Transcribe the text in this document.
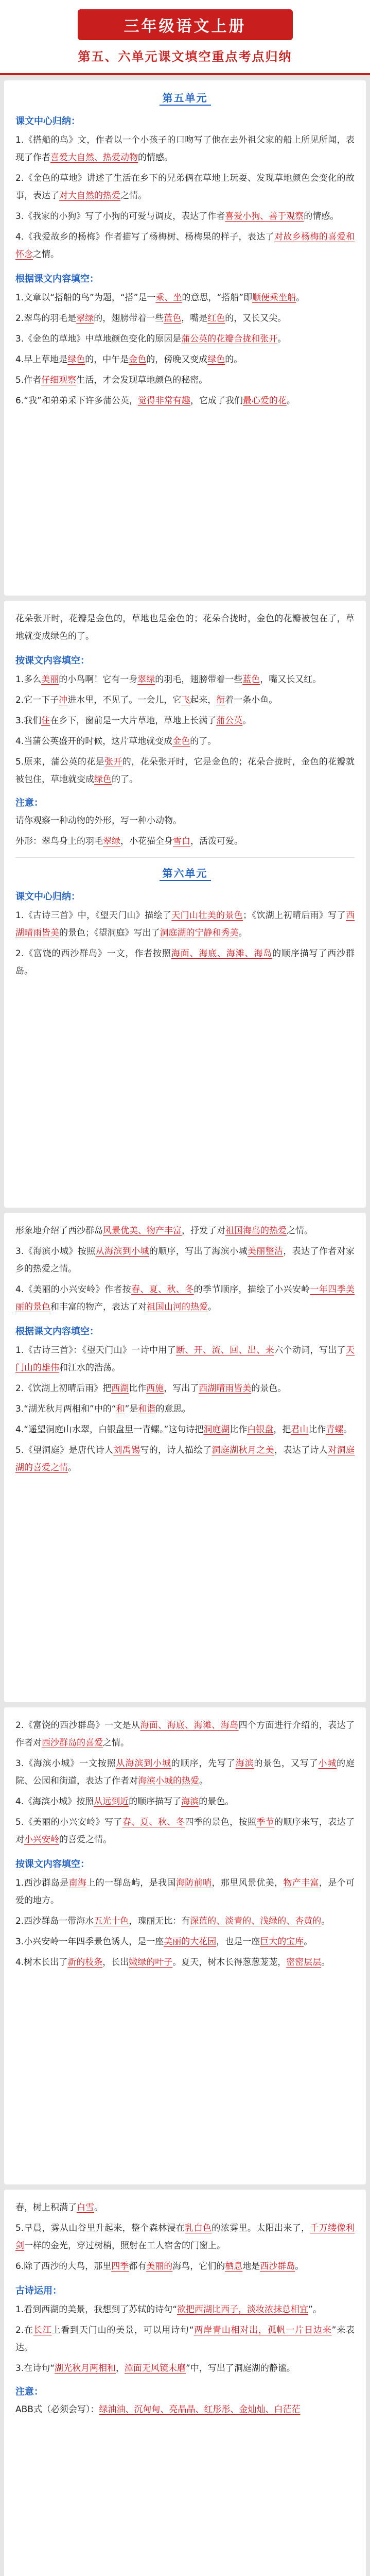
三年级语文上册
第五、六单元课文填空重点考点归纳
第五单元
课文中心归纳：
1.《搭船的鸟》文，作者以一个小孩子的口吻写了他在去外祖父家的船上所见所闻，表现了作者喜爱大自然、热爱动物的情感。
2.《金色的草地》讲述了生活在乡下的兄弟俩在草地上玩耍、发现草地颜色会变化的故事，表达了对大自然的热爱之情。
3.《我家的小狗》写了小狗的可爱与调皮，表达了作者喜爱小狗、善于观察的情感。
4.《我爱故乡的杨梅》作者描写了杨梅树、杨梅果的样子，表达了对故乡杨梅的喜爱和怀念之情。
根据课文内容填空：
1.文章以“搭船的鸟”为题，“搭”是一乘、坐的意思，“搭船”即顺便乘坐船。
2.翠鸟的羽毛是翠绿的，翅膀带着一些蓝色，嘴是红色的，又长又尖。
3.《金色的草地》中草地颜色变化的原因是蒲公英的花瓣合拢和张开。
4.早上草地是绿色的，中午是金色的，傍晚又变成绿色的。
5.作者仔细观察生活，才会发现草地颜色的秘密。
6.“我”和弟弟采下许多蒲公英，觉得非常有趣，它成了我们最心爱的花。
花朵张开时，花瓣是金色的，草地也是金色的；花朵合拢时，金色的花瓣被包在了，草地就变成绿色的了。
按课文内容填空：
1.多么美丽的小鸟啊！它有一身翠绿的羽毛，翅膀带着一些蓝色，嘴又长又红。
2.它一下子冲进水里，不见了。一会儿，它飞起来，衔着一条小鱼。
3.我们住在乡下，窗前是一大片草地，草地上长满了蒲公英。
4.当蒲公英盛开的时候，这片草地就变成金色的了。
5.原来，蒲公英的花是张开的，花朵张开时，它是金色的；花朵合拢时，金色的花瓣就被包住，草地就变成绿色的了。
注意：
请你观察一种动物的外形，写一种小动物。
外形：翠鸟身上的羽毛翠绿，小花猫全身雪白，活泼可爱。
第六单元
课文中心归纳：
1.《古诗三首》中，《望天门山》描绘了天门山壮美的景色；《饮湖上初晴后雨》写了西湖晴雨皆美的景色；《望洞庭》写出了洞庭湖的宁静和秀美。
2.《富饶的西沙群岛》一文，作者按照海面、海底、海滩、海岛的顺序描写了西沙群岛。
形象地介绍了西沙群岛风景优美、物产丰富，抒发了对祖国海岛的热爱之情。
3.《海滨小城》按照从海滨到小城的顺序，写出了海滨小城美丽整洁，表达了作者对家乡的热爱之情。
4.《美丽的小兴安岭》作者按春、夏、秋、冬的季节顺序，描绘了小兴安岭一年四季美丽的景色和丰富的物产，表达了对祖国山河的热爱。
根据课文内容填空：
1.《古诗三首》：《望天门山》一诗中用了断、开、流、回、出、来六个动词，写出了天门山的雄伟和江水的浩荡。
2.《饮湖上初晴后雨》把西湖比作西施，写出了西湖晴雨皆美的景色。
3.“湖光秋月两相和”中的“和”是和谐的意思。
4.“遥望洞庭山水翠，白银盘里一青螺。”这句诗把洞庭湖比作白银盘，把君山比作青螺。
5.《望洞庭》是唐代诗人刘禹锡写的，诗人描绘了洞庭湖秋月之美，表达了诗人对洞庭湖的喜爱之情。
2.《富饶的西沙群岛》一文是从海面、海底、海滩、海岛四个方面进行介绍的，表达了作者对西沙群岛的喜爱之情。
3.《海滨小城》一文按照从海滨到小城的顺序，先写了海滨的景色，又写了小城的庭院、公园和街道，表达了作者对海滨小城的热爱。
4.《海滨小城》按照从远到近的顺序描写了海滨的景色。
5.《美丽的小兴安岭》写了春、夏、秋、冬四季的景色，按照季节的顺序来写，表达了对小兴安岭的喜爱之情。
按课文内容填空：
1.西沙群岛是南海上的一群岛屿，是我国海防前哨，那里风景优美，物产丰富，是个可爱的地方。
2.西沙群岛一带海水五光十色，瑰丽无比：有深蓝的、淡青的、浅绿的、杏黄的。
3.小兴安岭一年四季景色诱人，是一座美丽的大花园，也是一座巨大的宝库。
4.树木长出了新的枝条，长出嫩绿的叶子。夏天，树木长得葱葱茏茏，密密层层。
春，树上积满了白雪。
5.早晨，雾从山谷里升起来，整个森林浸在乳白色的浓雾里。太阳出来了，千万缕像利剑一样的金光，穿过树梢，照射在工人宿舍的门窗上。
6.除了西沙的大鸟，那里四季都有美丽的海鸟，它们的栖息地是西沙群岛。
古诗运用：
1.看到西湖的美景，我想到了苏轼的诗句“欲把西湖比西子，淡妆浓抹总相宜”。
2.在长江上看到天门山的美景，可以用诗句“两岸青山相对出，孤帆一片日边来”来表达。
3.在诗句“湖光秋月两相和，潭面无风镜未磨”中，写出了洞庭湖的静谧。
注意：
ABB式（必须会写）：绿油油、沉甸甸、亮晶晶、红彤彤、金灿灿、白茫茫
